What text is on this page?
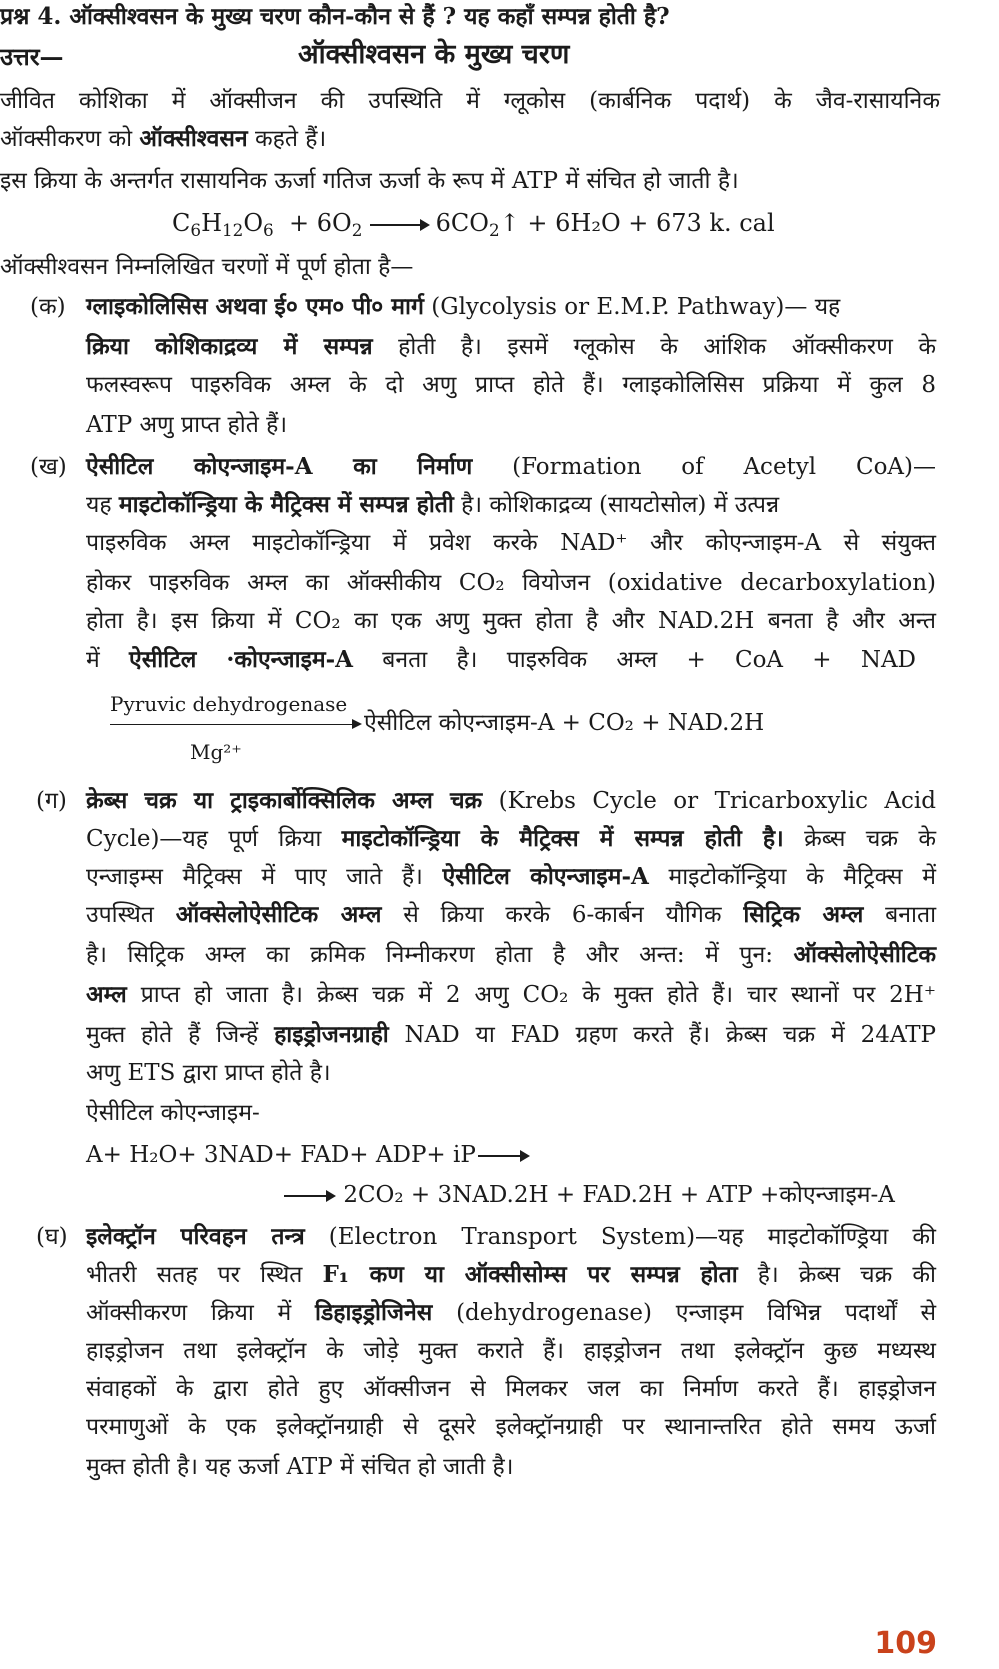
प्रश्न 4. ऑक्सीश्वसन के मुख्य चरण कौन-कौन से हैं ? यह कहाँ सम्पन्न होती है?
उत्तर—	ऑक्सीश्वसन के मुख्य चरण
जीवित कोशिका में ऑक्सीजन की उपस्थिति में ग्लूकोस (कार्बनिक पदार्थ) के जैव-रासायनिक
ऑक्सीकरण को ऑक्सीश्वसन कहते हैं।
इस क्रिया के अन्तर्गत रासायनिक ऊर्जा गतिज ऊर्जा के रूप में ATP में संचित हो जाती है।
$C_6H_{12}O_6 + 6O_2$	$6CO_2↑ + 6H_2O + 673$ k. cal
ऑक्सीश्वसन निम्नलिखित चरणों में पूर्ण होता है—
(क) ग्लाइकोलिसिस अथवा ई० एम० पी० मार्ग (Glycolysis or E.M.P. Pathway)— यह
क्रिया कोशिकाद्रव्य में सम्पन्न होती है। इसमें ग्लूकोस के आंशिक ऑक्सीकरण के
फलस्वरूप पाइरुविक अम्ल के दो अणु प्राप्त होते हैं। ग्लाइकोलिसिस प्रक्रिया में कुल 8
ATP अणु प्राप्त होते हैं।
(ख) ऐसीटिल कोएन्जाइम-A का निर्माण (Formation of Acetyl CoA)—
यह माइटोकॉन्ड्रिया के मैट्रिक्स में सम्पन्न होती है। कोशिकाद्रव्य (सायटोसोल) में उत्पन्न
पाइरुविक अम्ल माइटोकॉन्ड्रिया में प्रवेश करके NAD⁺ और कोएन्जाइम-A से संयुक्त
होकर पाइरुविक अम्ल का ऑक्सीकीय CO₂ वियोजन (oxidative decarboxylation)
होता है। इस क्रिया में CO₂ का एक अणु मुक्त होता है और NAD.2H बनता है और अन्त
में ऐसीटिल ·कोएन्जाइम-A बनता है। पाइरुविक अम्ल + CoA + NAD
Pyruvic dehydrogenase
Mg²⁺
ऐसीटिल कोएन्जाइम-A + CO₂ + NAD.2H
(ग) क्रेब्स चक्र या ट्राइकार्बोक्सिलिक अम्ल चक्र (Krebs Cycle or Tricarboxylic Acid
Cycle)—यह पूर्ण क्रिया माइटोकॉन्ड्रिया के मैट्रिक्स में सम्पन्न होती है। क्रेब्स चक्र के
एन्जाइम्स मैट्रिक्स में पाए जाते हैं। ऐसीटिल कोएन्जाइम-A माइटोकॉन्ड्रिया के मैट्रिक्स में
उपस्थित ऑक्सेलोऐसीटिक अम्ल से क्रिया करके 6-कार्बन यौगिक सिट्रिक अम्ल बनाता
है। सिट्रिक अम्ल का क्रमिक निम्नीकरण होता है और अन्त: में पुन: ऑक्सेलोऐसीटिक
अम्ल प्राप्त हो जाता है। क्रेब्स चक्र में 2 अणु CO₂ के मुक्त होते हैं। चार स्थानों पर 2H⁺
मुक्त होते हैं जिन्हें हाइड्रोजनग्राही NAD या FAD ग्रहण करते हैं। क्रेब्स चक्र में 24ATP
अणु ETS द्वारा प्राप्त होते है।
ऐसीटिल कोएन्जाइम-
A+ H₂O+ 3NAD+ FAD+ ADP+ iP
2CO₂ + 3NAD.2H + FAD.2H + ATP +कोएन्जाइम-A
(घ) इलेक्ट्रॉन परिवहन तन्त्र (Electron Transport System)—यह माइटोकॉण्ड्रिया की
भीतरी सतह पर स्थित F₁ कण या ऑक्सीसोम्स पर सम्पन्न होता है। क्रेब्स चक्र की
ऑक्सीकरण क्रिया में डिहाइड्रोजिनेस (dehydrogenase) एन्जाइम विभिन्न पदार्थों से
हाइड्रोजन तथा इलेक्ट्रॉन के जोड़े मुक्त कराते हैं। हाइड्रोजन तथा इलेक्ट्रॉन कुछ मध्यस्थ
संवाहकों के द्वारा होते हुए ऑक्सीजन से मिलकर जल का निर्माण करते हैं। हाइड्रोजन
परमाणुओं के एक इलेक्ट्रॉनग्राही से दूसरे इलेक्ट्रॉनग्राही पर स्थानान्तरित होते समय ऊर्जा
मुक्त होती है। यह ऊर्जा ATP में संचित हो जाती है।
109
